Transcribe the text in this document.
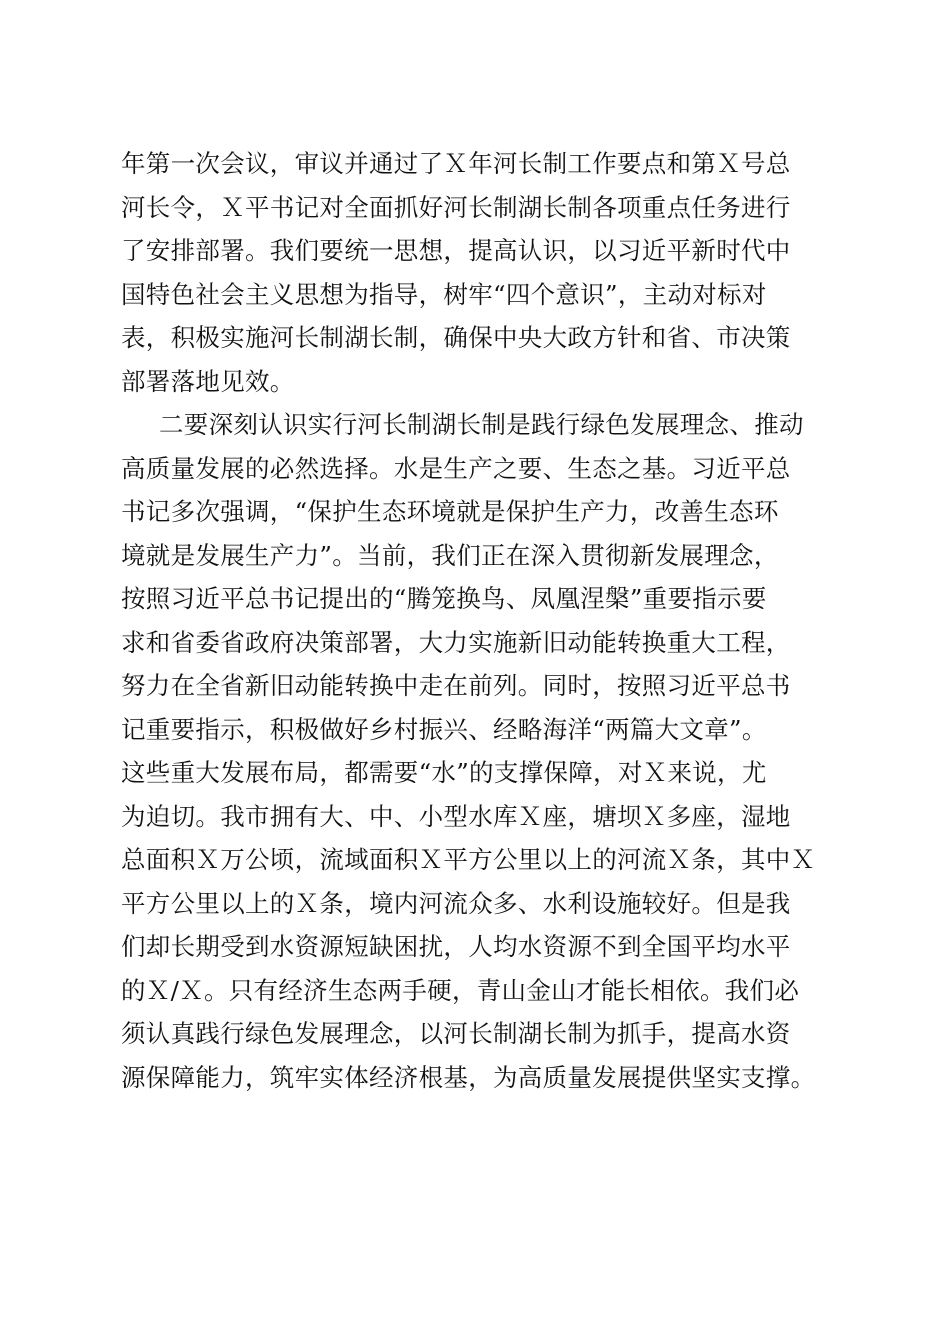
年第一次会议，审议并通过了Ｘ年河长制工作要点和第Ｘ号总
河长令，Ｘ平书记对全面抓好河长制湖长制各项重点任务进行
了安排部署。我们要统一思想，提高认识，以习近平新时代中
国特色社会主义思想为指导，树牢“四个意识”，主动对标对
表，积极实施河长制湖长制，确保中央大政方针和省、市决策
部署落地见效。
二要深刻认识实行河长制湖长制是践行绿色发展理念、推动
高质量发展的必然选择。水是生产之要、生态之基。习近平总
书记多次强调，“保护生态环境就是保护生产力，改善生态环
境就是发展生产力”。当前，我们正在深入贯彻新发展理念，
按照习近平总书记提出的“腾笼换鸟、凤凰涅槃”重要指示要
求和省委省政府决策部署，大力实施新旧动能转换重大工程，
努力在全省新旧动能转换中走在前列。同时，按照习近平总书
记重要指示，积极做好乡村振兴、经略海洋“两篇大文章”。
这些重大发展布局，都需要“水”的支撑保障，对Ｘ来说，尤
为迫切。我市拥有大、中、小型水库Ｘ座，塘坝Ｘ多座，湿地
总面积Ｘ万公顷，流域面积Ｘ平方公里以上的河流Ｘ条，其中Ｘ
平方公里以上的Ｘ条，境内河流众多、水利设施较好。但是我
们却长期受到水资源短缺困扰，人均水资源不到全国平均水平
的Ｘ/Ｘ。只有经济生态两手硬，青山金山才能长相依。我们必
须认真践行绿色发展理念，以河长制湖长制为抓手，提高水资
源保障能力，筑牢实体经济根基，为高质量发展提供坚实支撑。
